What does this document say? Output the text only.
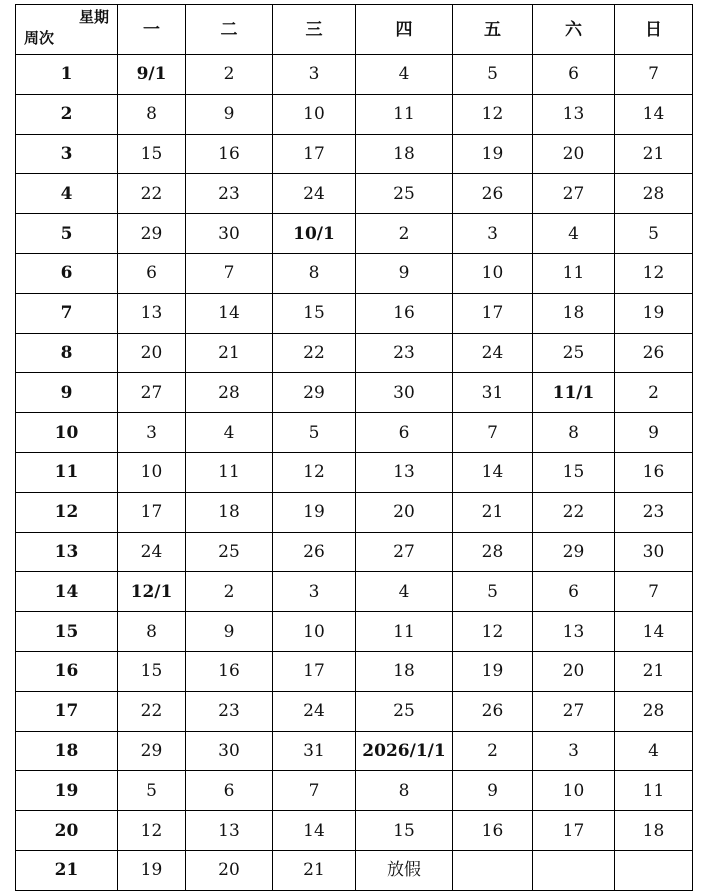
星期
周次	一	二	三	四	五	六	日
1	9/1	2	3	4	5	6	7
2	8	9	10	11	12	13	14
3	15	16	17	18	19	20	21
4	22	23	24	25	26	27	28
5	29	30	10/1	2	3	4	5
6	6	7	8	9	10	11	12
7	13	14	15	16	17	18	19
8	20	21	22	23	24	25	26
9	27	28	29	30	31	11/1	2
10	3	4	5	6	7	8	9
11	10	11	12	13	14	15	16
12	17	18	19	20	21	22	23
13	24	25	26	27	28	29	30
14	12/1	2	3	4	5	6	7
15	8	9	10	11	12	13	14
16	15	16	17	18	19	20	21
17	22	23	24	25	26	27	28
18	29	30	31	2026/1/1	2	3	4
19	5	6	7	8	9	10	11
20	12	13	14	15	16	17	18
21	19	20	21	放假			
